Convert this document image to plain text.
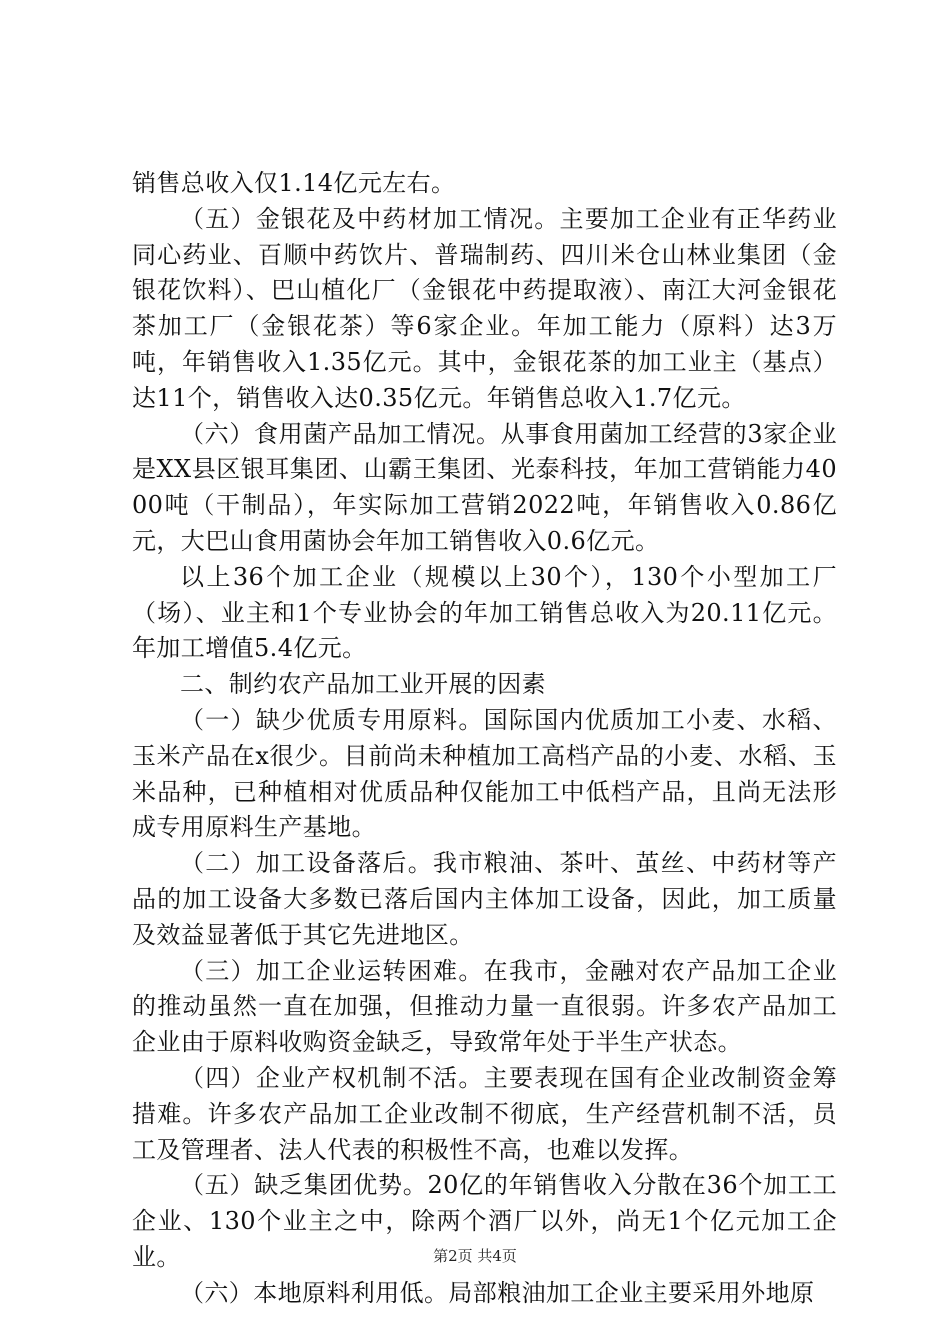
销售总收入仅1.14亿元左右。

（五）金银花及中药材加工情况。主要加工企业有正华药业同心药业、百顺中药饮片、普瑞制药、四川米仓山林业集团（金银花饮料）、巴山植化厂（金银花中药提取液）、南江大河金银花茶加工厂（金银花茶）等6家企业。年加工能力（原料）达3万吨，年销售收入1.35亿元。其中，金银花茶的加工业主（基点）达11个，销售收入达0.35亿元。年销售总收入1.7亿元。

（六）食用菌产品加工情况。从事食用菌加工经营的3家企业是XX县区银耳集团、山霸王集团、光泰科技，年加工营销能力4000吨（干制品），年实际加工营销2022吨，年销售收入0.86亿元，大巴山食用菌协会年加工销售收入0.6亿元。

以上36个加工企业（规模以上30个），130个小型加工厂（场）、业主和1个专业协会的年加工销售总收入为20.11亿元。年加工增值5.4亿元。

二、制约农产品加工业开展的因素

（一）缺少优质专用原料。国际国内优质加工小麦、水稻、玉米产品在x很少。目前尚未种植加工高档产品的小麦、水稻、玉米品种，已种植相对优质品种仅能加工中低档产品，且尚无法形成专用原料生产基地。

（二）加工设备落后。我市粮油、茶叶、茧丝、中药材等产品的加工设备大多数已落后国内主体加工设备，因此，加工质量及效益显著低于其它先进地区。

（三）加工企业运转困难。在我市，金融对农产品加工企业的推动虽然一直在加强，但推动力量一直很弱。许多农产品加工企业由于原料收购资金缺乏，导致常年处于半生产状态。

（四）企业产权机制不活。主要表现在国有企业改制资金筹措难。许多农产品加工企业改制不彻底，生产经营机制不活，员工及管理者、法人代表的积极性不高，也难以发挥。

（五）缺乏集团优势。20亿的年销售收入分散在36个加工工企业、130个业主之中，除两个酒厂以外，尚无1个亿元加工企业。

（六）本地原料利用低。局部粮油加工企业主要采用外地原

第2页 共4页
